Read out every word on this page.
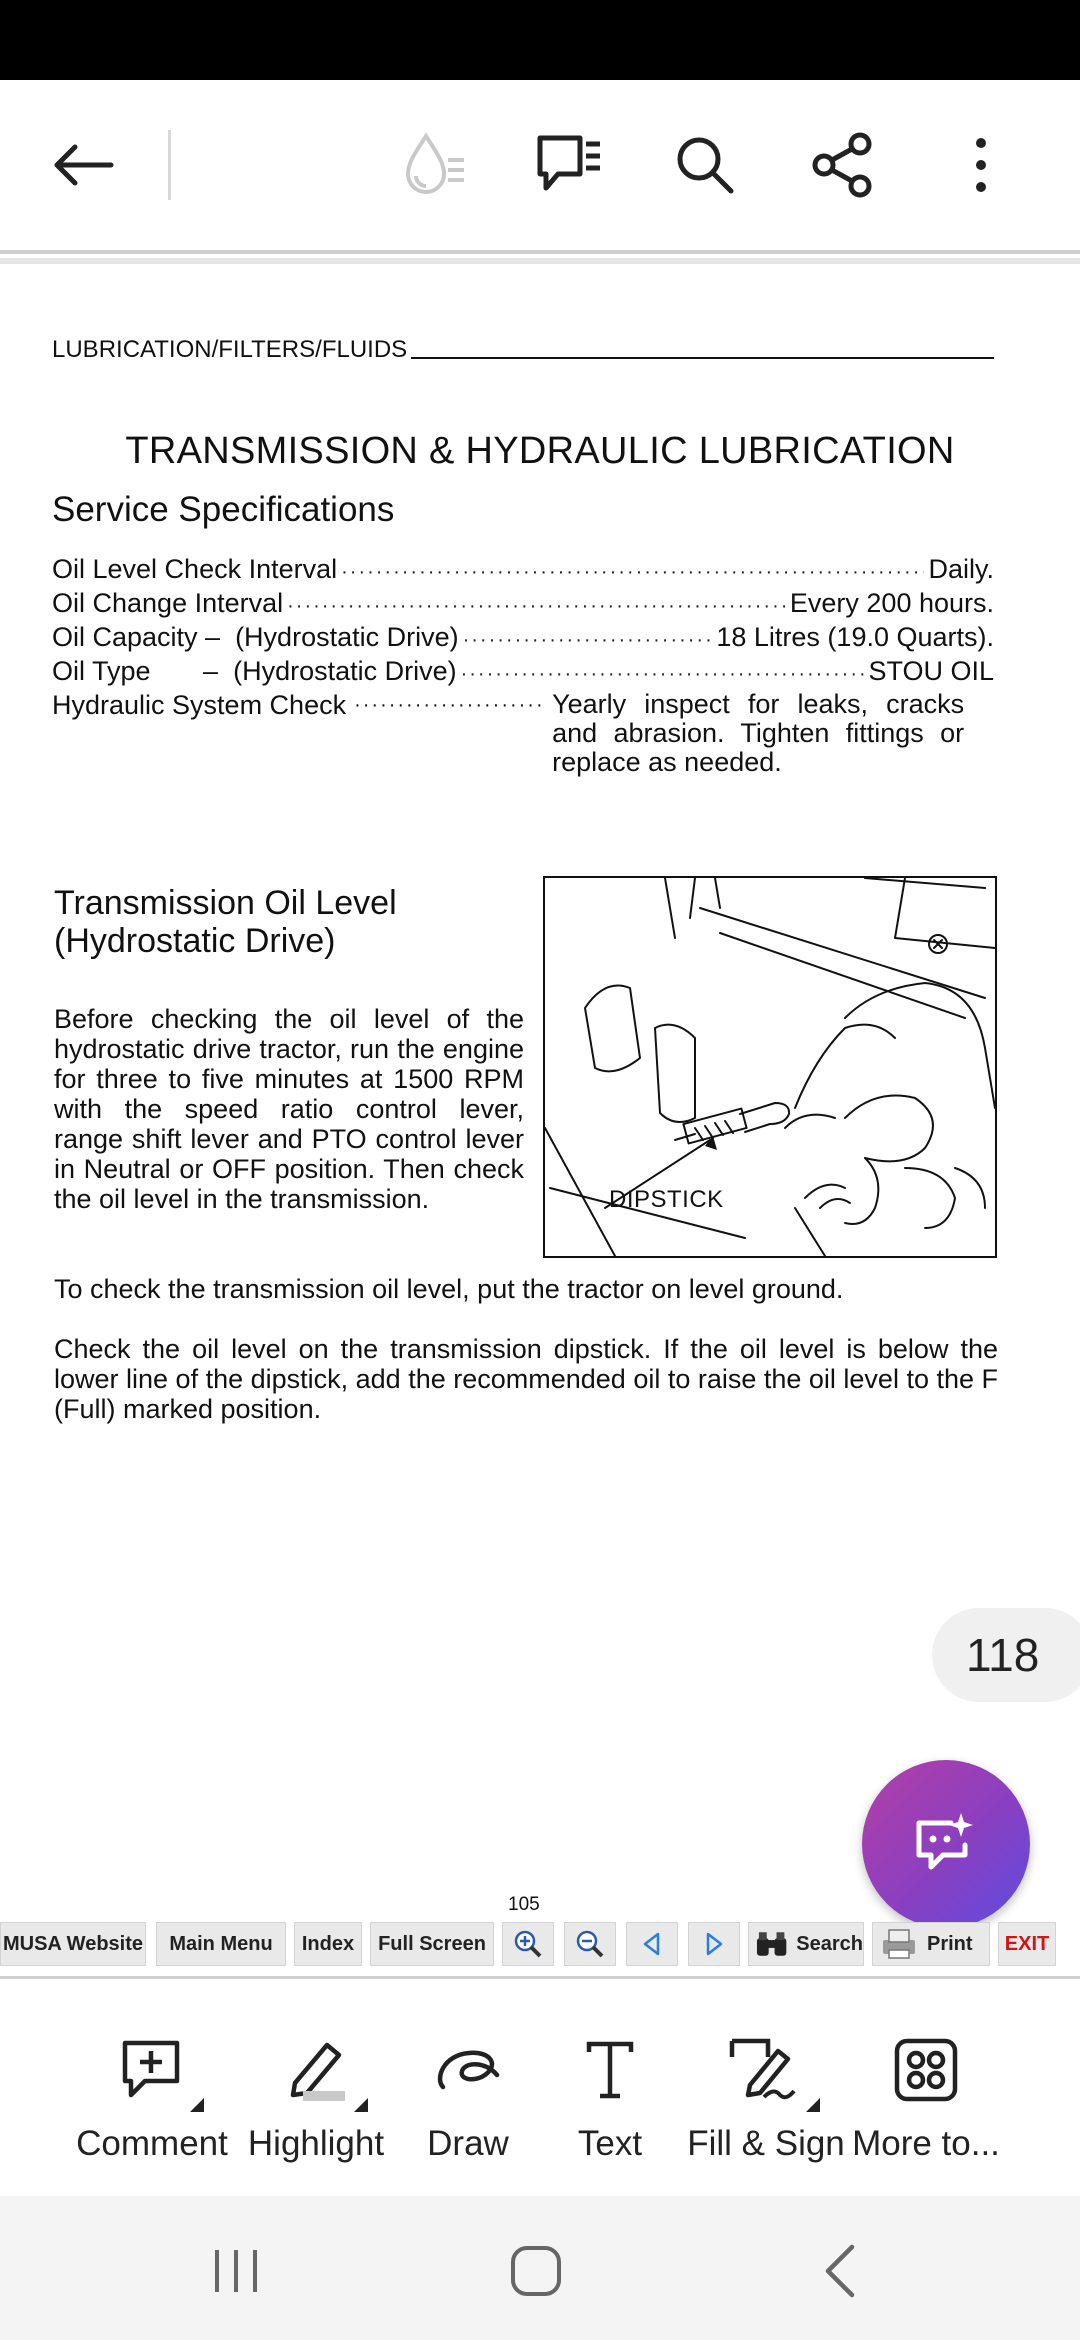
LUBRICATION/FILTERS/FLUIDS
TRANSMISSION & HYDRAULIC LUBRICATION
Service Specifications
Oil Level Check Interval ·····	Daily.
Oil Change Interval ·····	Every 200 hours.
Oil Capacity –  (Hydrostatic Drive) ·····	18 Litres (19.0 Quarts).
Oil Type       –  (Hydrostatic Drive) ·····	STOU OIL
Hydraulic System Check ·····	Yearly inspect for leaks, cracks and abrasion. Tighten fittings or replace as needed.
Transmission Oil Level (Hydrostatic Drive)
Before checking the oil level of the hydrostatic drive tractor, run the engine for three to five minutes at 1500 RPM with the speed ratio control lever, range shift lever and PTO control lever in Neutral or OFF position. Then check the oil level in the transmission.	DIPSTICK
To check the transmission oil level, put the tractor on level ground.
Check the oil level on the transmission dipstick. If the oil level is below the lower line of the dipstick, add the recommended oil to raise the oil level to the F (Full) marked position.
118
105
MUSA Website	Main Menu	Index	Full Screen	Search	Print	EXIT
Comment Highlight	Draw	Text	Fill & Sign More to...
